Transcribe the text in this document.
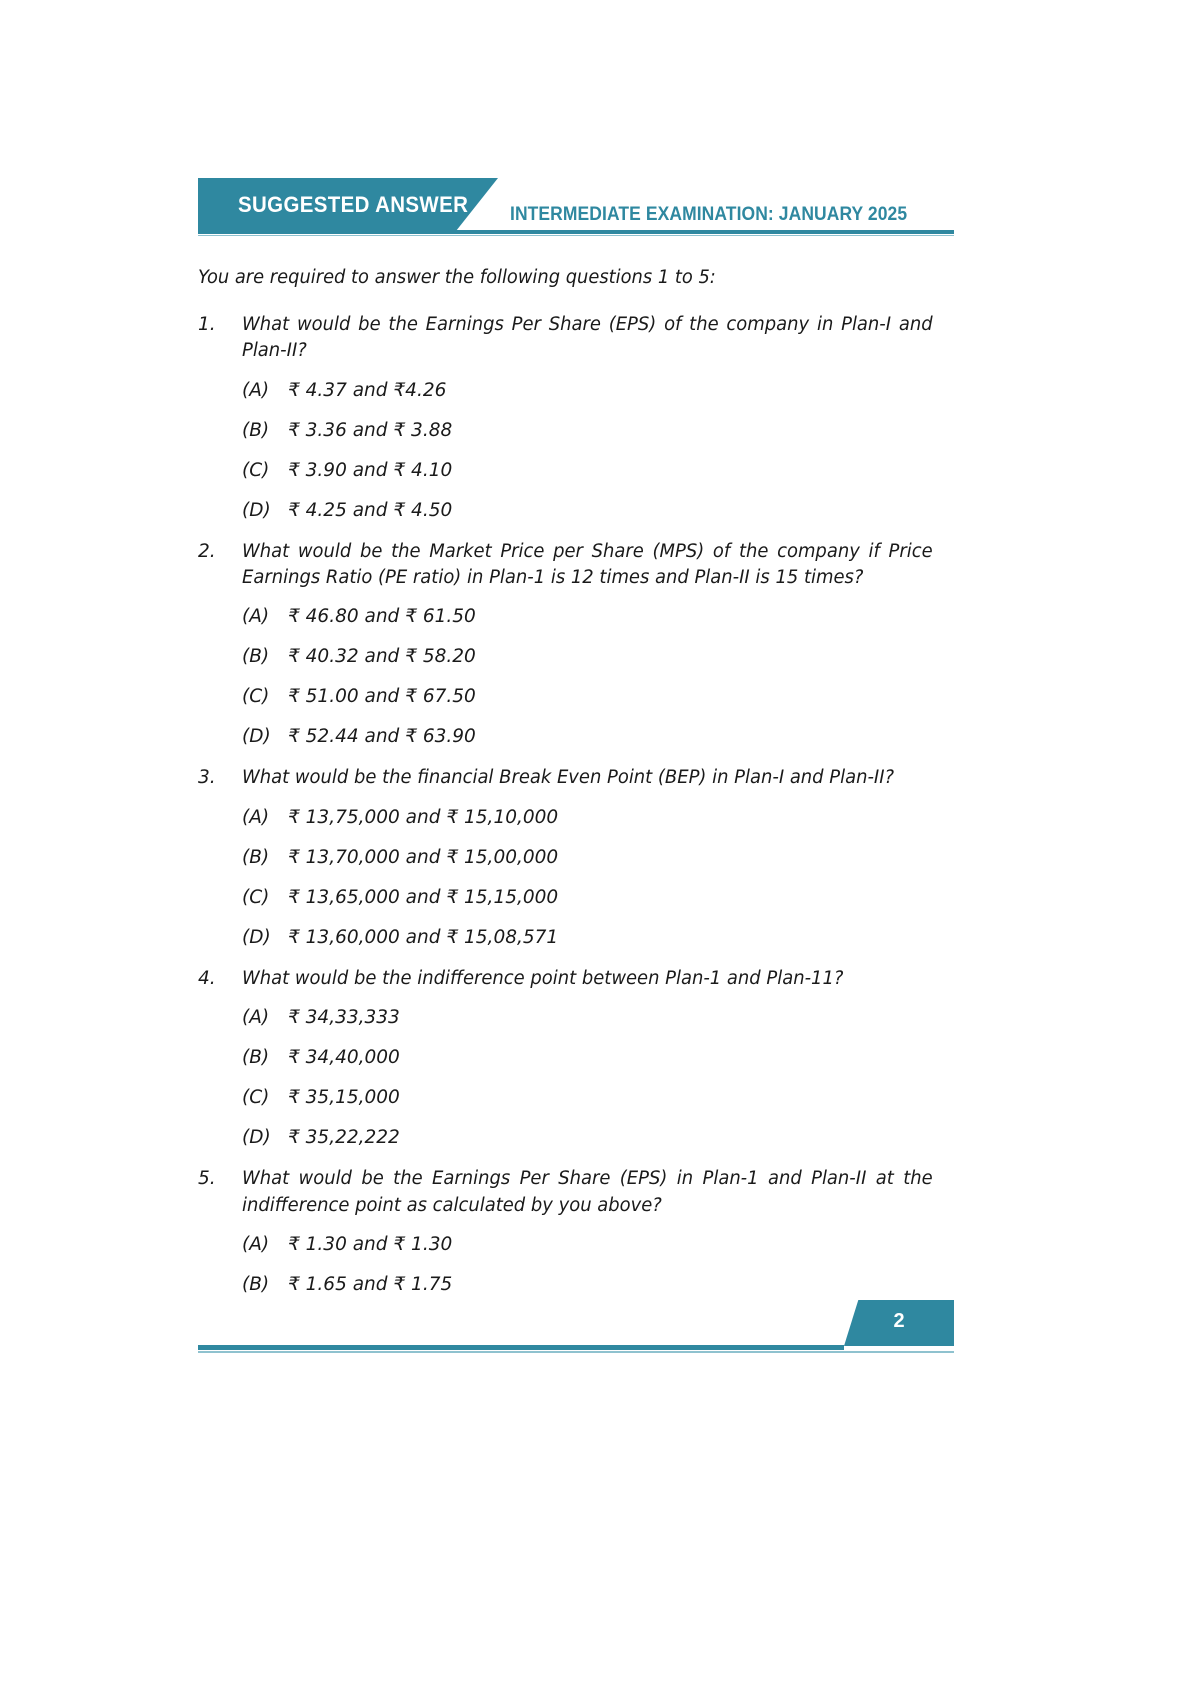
SUGGESTED ANSWER INTERMEDIATE EXAMINATION: JANUARY 2025
You are required to answer the following questions 1 to 5:
1.	What would be the Earnings Per Share (EPS) of the company in Plan-I and Plan-II?
(A)	₹ 4.37 and ₹4.26
(B)	₹ 3.36 and ₹ 3.88
(C)	₹ 3.90 and ₹ 4.10
(D) ₹ 4.25 and ₹ 4.50
2.	What would be the Market Price per Share (MPS) of the company if Price Earnings Ratio (PE ratio) in Plan-1 is 12 times and Plan-II is 15 times?
(A)	₹ 46.80 and ₹ 61.50
(B)	₹ 40.32 and ₹ 58.20
(C)	₹ 51.00 and ₹ 67.50
(D) ₹ 52.44 and ₹ 63.90
3.	What would be the financial Break Even Point (BEP) in Plan-I and Plan-II?
(A)	₹ 13,75,000 and ₹ 15,10,000
(B)	₹ 13,70,000 and ₹ 15,00,000
(C)	₹ 13,65,000 and ₹ 15,15,000
(D) ₹ 13,60,000 and ₹ 15,08,571
4.	What would be the indifference point between Plan-1 and Plan-11?
(A)	₹ 34,33,333
(B)	₹ 34,40,000
(C)	₹ 35,15,000
(D) ₹ 35,22,222
5.	What would be the Earnings Per Share (EPS) in Plan-1 and Plan-II at the indifference point as calculated by you above?
(A)	₹ 1.30 and ₹ 1.30
(B)	₹ 1.65 and ₹ 1.75
2
